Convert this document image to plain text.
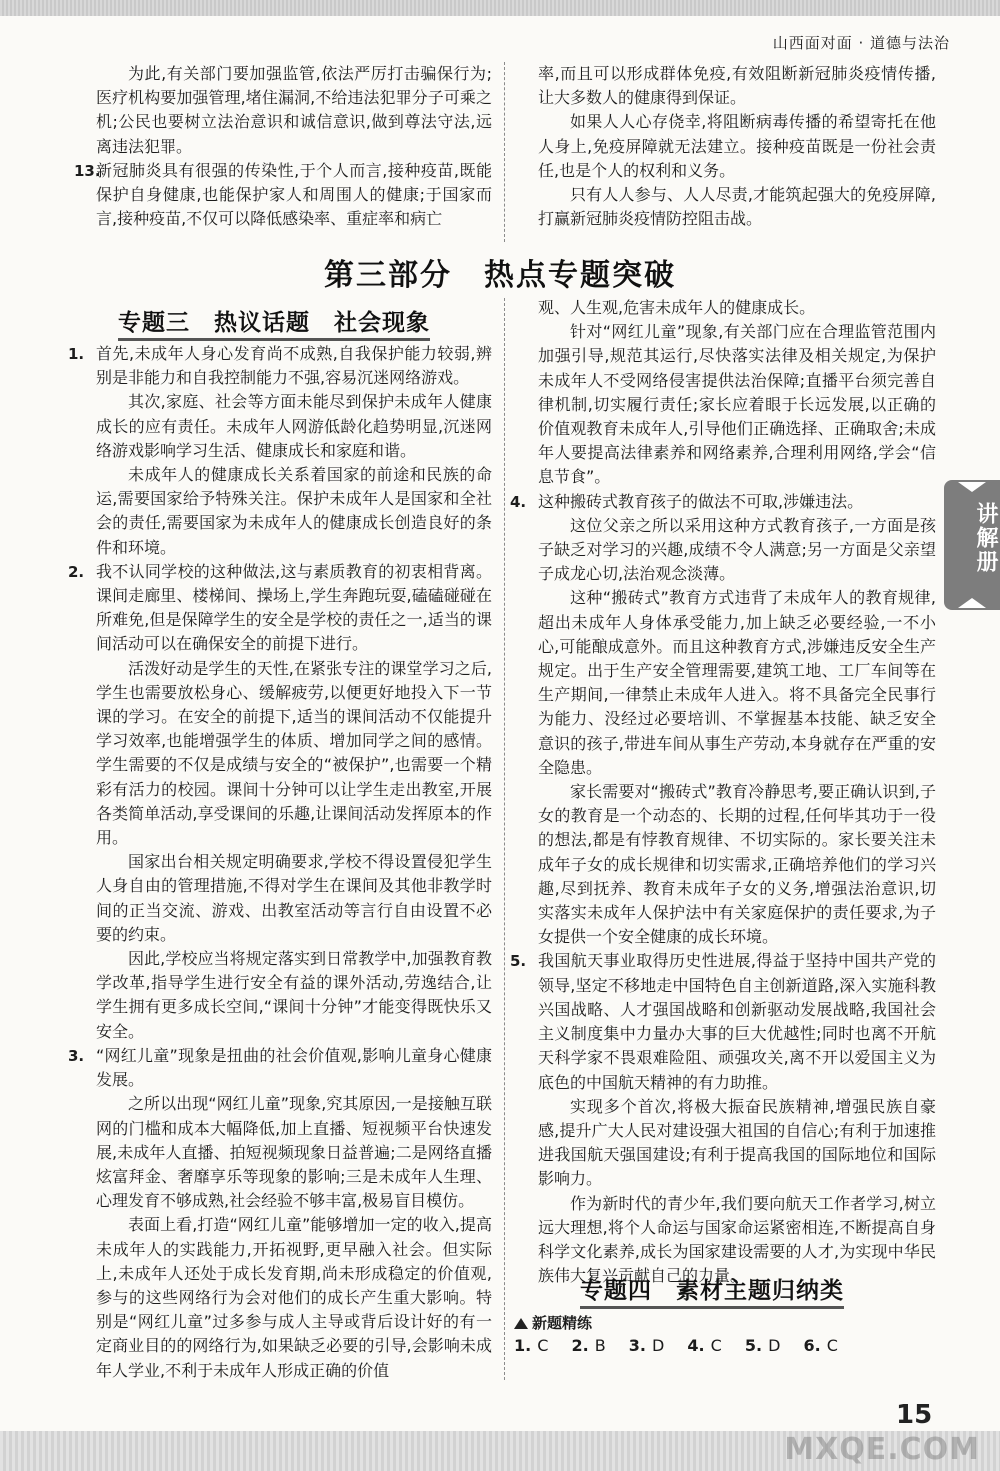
山西面对面 · 道德与法治

为此,有关部门要加强监管,依法严厉打击骗保行为;医疗机构要加强管理,堵住漏洞,不给违法犯罪分子可乘之机;公民也要树立法治意识和诚信意识,做到尊法守法,远离违法犯罪。

13.

新冠肺炎具有很强的传染性,于个人而言,接种疫苗,既能保护自身健康,也能保护家人和周围人的健康;于国家而言,接种疫苗,不仅可以降低感染率、重症率和病亡

率,而且可以形成群体免疫,有效阻断新冠肺炎疫情传播,让大多数人的健康得到保证。

如果人人心存侥幸,将阻断病毒传播的希望寄托在他人身上,免疫屏障就无法建立。接种疫苗既是一份社会责任,也是个人的权利和义务。

只有人人参与、人人尽责,才能筑起强大的免疫屏障,打赢新冠肺炎疫情防控阻击战。

第三部分　热点专题突破
专题三　热议话题　社会现象
1. 首先,未成年人身心发育尚不成熟,自我保护能力较弱,辨别是非能力和自我控制能力不强,容易沉迷网络游戏。

其次,家庭、社会等方面未能尽到保护未成年人健康成长的应有责任。未成年人网游低龄化趋势明显,沉迷网络游戏影响学习生活、健康成长和家庭和谐。

未成年人的健康成长关系着国家的前途和民族的命运,需要国家给予特殊关注。保护未成年人是国家和全社会的责任,需要国家为未成年人的健康成长创造良好的条件和环境。

2. 我不认同学校的这种做法,这与素质教育的初衷相背离。课间走廊里、楼梯间、操场上,学生奔跑玩耍,磕磕碰碰在所难免,但是保障学生的安全是学校的责任之一,适当的课间活动可以在确保安全的前提下进行。

活泼好动是学生的天性,在紧张专注的课堂学习之后,学生也需要放松身心、缓解疲劳,以便更好地投入下一节课的学习。在安全的前提下,适当的课间活动不仅能提升学习效率,也能增强学生的体质、增加同学之间的感情。学生需要的不仅是成绩与安全的“被保护”,也需要一个精彩有活力的校园。课间十分钟可以让学生走出教室,开展各类简单活动,享受课间的乐趣,让课间活动发挥原本的作用。

国家出台相关规定明确要求,学校不得设置侵犯学生人身自由的管理措施,不得对学生在课间及其他非教学时间的正当交流、游戏、出教室活动等言行自由设置不必要的约束。

因此,学校应当将规定落实到日常教学中,加强教育教学改革,指导学生进行安全有益的课外活动,劳逸结合,让学生拥有更多成长空间,“课间十分钟”才能变得既快乐又安全。

3. “网红儿童”现象是扭曲的社会价值观,影响儿童身心健康发展。

之所以出现“网红儿童”现象,究其原因,一是接触互联网的门槛和成本大幅降低,加上直播、短视频平台快速发展,未成年人直播、拍短视频现象日益普遍;二是网络直播炫富拜金、奢靡享乐等现象的影响;三是未成年人生理、心理发育不够成熟,社会经验不够丰富,极易盲目模仿。

表面上看,打造“网红儿童”能够增加一定的收入,提高未成年人的实践能力,开拓视野,更早融入社会。但实际上,未成年人还处于成长发育期,尚未形成稳定的价值观,参与的这些网络行为会对他们的成长产生重大影响。特别是“网红儿童”过多参与成人主导或背后设计好的有一定商业目的的网络行为,如果缺乏必要的引导,会影响未成年人学业,不利于未成年人形成正确的价值

观、人生观,危害未成年人的健康成长。

针对“网红儿童”现象,有关部门应在合理监管范围内加强引导,规范其运行,尽快落实法律及相关规定,为保护未成年人不受网络侵害提供法治保障;直播平台须完善自律机制,切实履行责任;家长应着眼于长远发展,以正确的价值观教育未成年人,引导他们正确选择、正确取舍;未成年人要提高法律素养和网络素养,合理利用网络,学会“信息节食”。

4. 这种搬砖式教育孩子的做法不可取,涉嫌违法。

这位父亲之所以采用这种方式教育孩子,一方面是孩子缺乏对学习的兴趣,成绩不令人满意;另一方面是父亲望子成龙心切,法治观念淡薄。

这种“搬砖式”教育方式违背了未成年人的教育规律,超出未成年人身体承受能力,加上缺乏必要经验,一不小心,可能酿成意外。而且这种教育方式,涉嫌违反安全生产规定。出于生产安全管理需要,建筑工地、工厂车间等在生产期间,一律禁止未成年人进入。将不具备完全民事行为能力、没经过必要培训、不掌握基本技能、缺乏安全意识的孩子,带进车间从事生产劳动,本身就存在严重的安全隐患。

家长需要对“搬砖式”教育冷静思考,要正确认识到,子女的教育是一个动态的、长期的过程,任何毕其功于一役的想法,都是有悖教育规律、不切实际的。家长要关注未成年子女的成长规律和切实需求,正确培养他们的学习兴趣,尽到抚养、教育未成年子女的义务,增强法治意识,切实落实未成年人保护法中有关家庭保护的责任要求,为子女提供一个安全健康的成长环境。

5. 我国航天事业取得历史性进展,得益于坚持中国共产党的领导,坚定不移地走中国特色自主创新道路,深入实施科教兴国战略、人才强国战略和创新驱动发展战略,我国社会主义制度集中力量办大事的巨大优越性;同时也离不开航天科学家不畏艰难险阻、顽强攻关,离不开以爱国主义为底色的中国航天精神的有力助推。

实现多个首次,将极大振奋民族精神,增强民族自豪感,提升广大人民对建设强大祖国的自信心;有利于加速推进我国航天强国建设;有利于提高我国的国际地位和国际影响力。

作为新时代的青少年,我们要向航天工作者学习,树立远大理想,将个人命运与国家命运紧密相连,不断提高自身科学文化素养,成长为国家建设需要的人才,为实现中华民族伟大复兴贡献自己的力量。

专题四　素材主题归纳类
新题精练
1. C 2. B 3. D 4. C 5. D 6. C
讲解册
15
MXQE.COM
